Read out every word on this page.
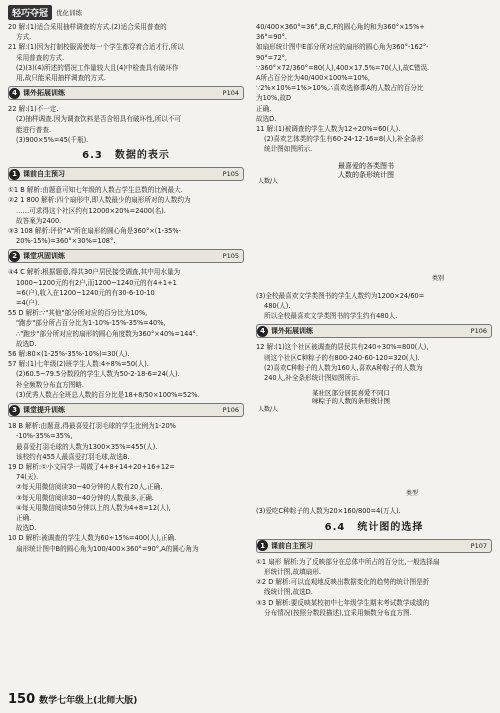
轻巧夺冠	优化训练
20 解:(1)适合采用抽样调查的方式.(2)适合采用普查的
方式.
21 解:(1)因为打制校服需使每一个学生都穿着合适才行,所以
采用普查的方式.
(2)(3)(4)所述的情况工作量较大且(4)中检查具有破坏作
用,故只能采用抽样调查的方式.
4 课外拓展训练	P104
22 解:(1)不一定.
(2)抽样调查.因为调查饮料是否含铅具有破坏性,所以不可
能进行普查.
(3)900×5%=45(千瓶).
6.3 数据的表示
1 课前自主预习	P105
①1 B 解析:由题意可知七年级的人数占学生总数的比例最大.
②2 1 800 解析:四个扇形中,即人数最少的扇形所对的人数约为
……可求得这个社区约有12000×20%=2400(名).
故答案为2400.
③3 108 解析:评价"A"所在扇形的圆心角是360°×(1-35%-
20%-15%)=360°×30%=108°.
2 课堂巩固训练	P105
④4 C 解析:根据题意,得共30户居民接受调查,其中用水量为
1000~1200元的有2户,而1200~1240元的有4+1+1
=6(户),收入在1200~1240元的有30-6-10-10
=4(户).
55 D 解析:∵"其他"部分所对应的百分比为10%,
"跑步"部分所占百分比为1-10%-15%-35%=40%,
∴"跑步"部分所对应的扇形的圆心角度数为360°×40%=144°.
故选D.
56 解:80×(1-25%-35%-10%)=30(人).
57 解:(1)七年级(2)班学生人数:4÷8%=50(人).
(2)60.5~79.5分数段的学生人数为50-2-18-6=24(人).
补全频数分布直方图略.
(3)优秀人数占全班总人数的百分比是18+8/50×100%=52%.
3 课堂提升训练	P106
18 B 解析:由题意,得最喜爱打羽毛球的学生比例为1-20%
-10%-35%=35%,
最喜爱打羽毛球的人数为1300×35%=455(人).
该校约有455人最喜爱打羽毛球,故选B.
19 D 解析:①小文同学一周做了4+8+14+20+16+12=
74(天).
②每天用微信阅读30~40分钟的人数有20人,正确.
③每天用微信阅读30~40分钟的人数最多,正确.
④每天用微信阅读50分钟以上的人数为4+8=12(人),
正确.
故选D.
10 D 解析:被调查的学生人数为60÷15%=400(人),正确.
扇形统计图中B的圆心角为100/400×360°=90°,A的圆心角为
40/400×360°=36°,B,C,F的圆心角的和为360°×15%+
36°=90°.
如扇形统计图中E部分所对应的扇形的圆心角为360°-162°-
90°=72°,
∵360°×72/360°=80(人),400×17.5%=70(人),故C错误.
A所占百分比为40/400×100%=10%,
∵2%×10%=1%>10%,∴喜欢选修课A的人数占的百分比
为10%,故D
正确.
故选D.
11 解:(1)被调查的学生人数为12÷20%=60(人).
(2)喜欢艺体类的学生有60-24-12-16=8(人),补全条形
统计图如图所示.
最喜爱的各类图书
人数的条形统计图
人数/人
类别
(3)全校最喜欢文学类图书的学生人数约为1200×24/60=
480(人).
所以全校最喜欢文学类图书的学生约有480人.
4 课外拓展训练	P106
12 解:(1)这个社区被调查的居民共有240÷30%=800(人),
则这个社区C种粽子的有800-240-60-120=320(人).
(2)喜欢C种粽子的人数为160人,喜欢A种粽子的人数为
240人,补全条形统计图如图所示.
某社区部分居民喜爱不同口
味粽子的人数的条形统计图
人数/人
类型
(3)爱吃C种粽子的人数为20×160/800=4(万人).
6.4 统计图的选择
1 课前自主预习	P107
①1 扇形 解析:为了反映部分在总体中所占的百分比,一般选择扇
形统计图,故填扇形.
②2 D 解析:可以直观地反映出数据变化的趋势的统计图是折
线统计图,故选D.
③3 D 解析:要反映某校初中七年级学生期末考试数学成绩的
分布情况(按照分数段描述),宜采用频数分布直方图.
150 数学七年级上(北师大版)
